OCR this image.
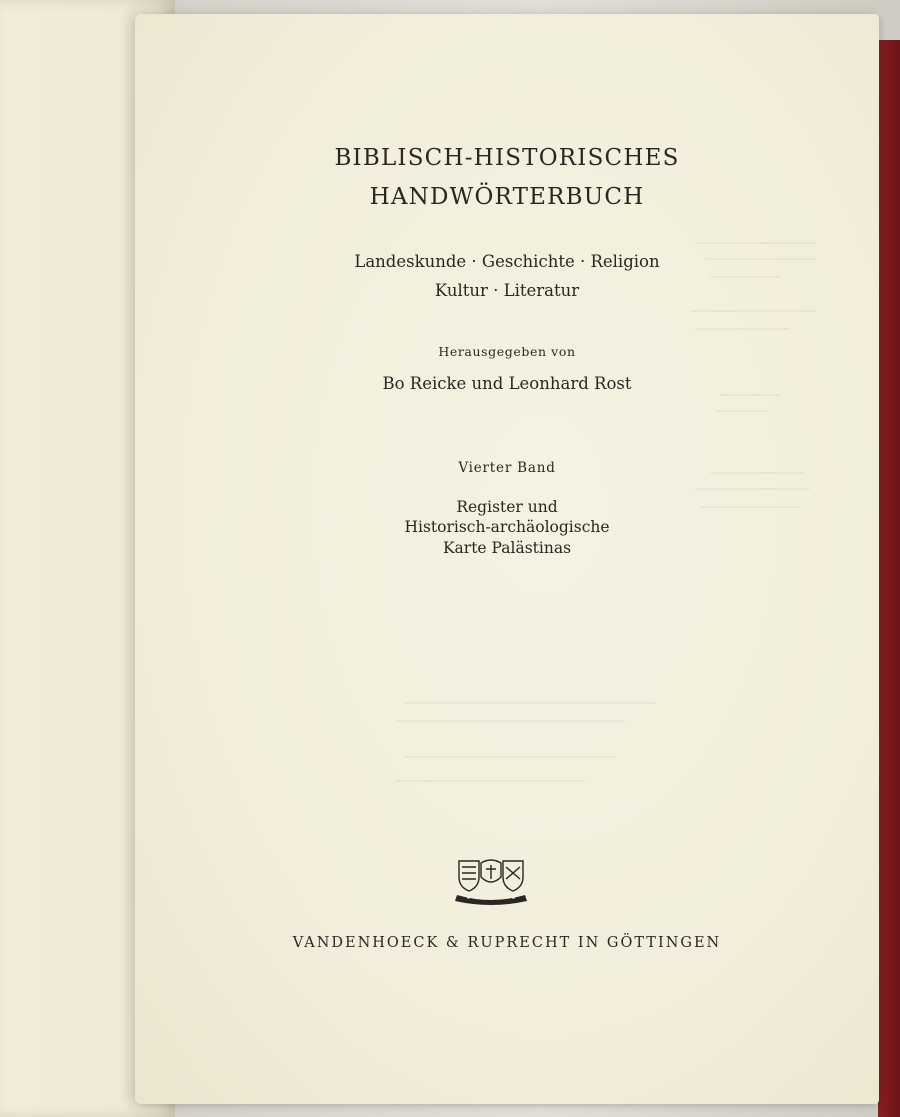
BIBLISCH-HISTORISCHES
HANDWÖRTERBUCH
Landeskunde · Geschichte · Religion
Kultur · Literatur
Herausgegeben von
Bo Reicke und Leonhard Rost
Vierter Band
Register und
Historisch-archäologische
Karte Palästinas
VANDENHOECK & RUPRECHT IN GÖTTINGEN
